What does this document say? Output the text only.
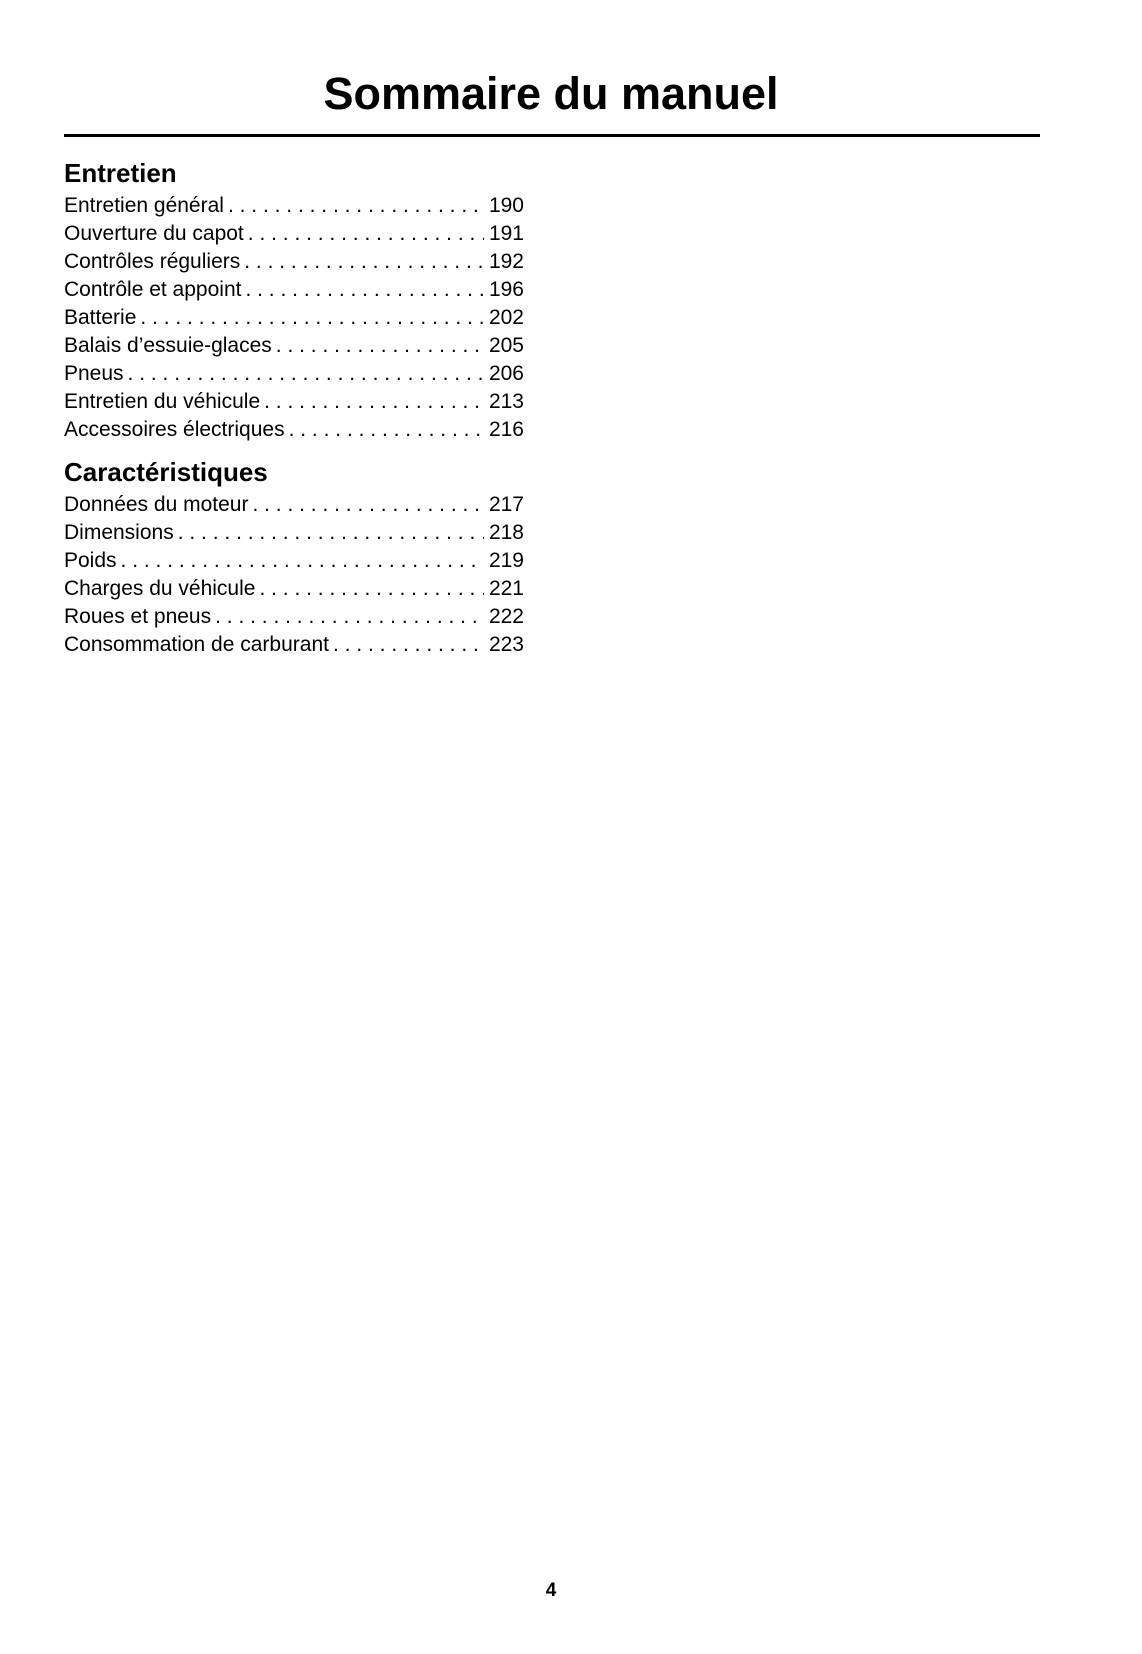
Sommaire du manuel
Entretien
Entretien général . . .	190
Ouverture du capot . . .	191
Contrôles réguliers . . .	192
Contrôle et appoint . . .	196
Batterie . . .	202
Balais d’essuie-glaces . . .	205
Pneus . . .	206
Entretien du véhicule . . .	213
Accessoires électriques . . .	216
Caractéristiques
Données du moteur . . .	217
Dimensions . . .	218
Poids . . .	219
Charges du véhicule . . .	221
Roues et pneus . . .	222
Consommation de carburant . . .	223
4
